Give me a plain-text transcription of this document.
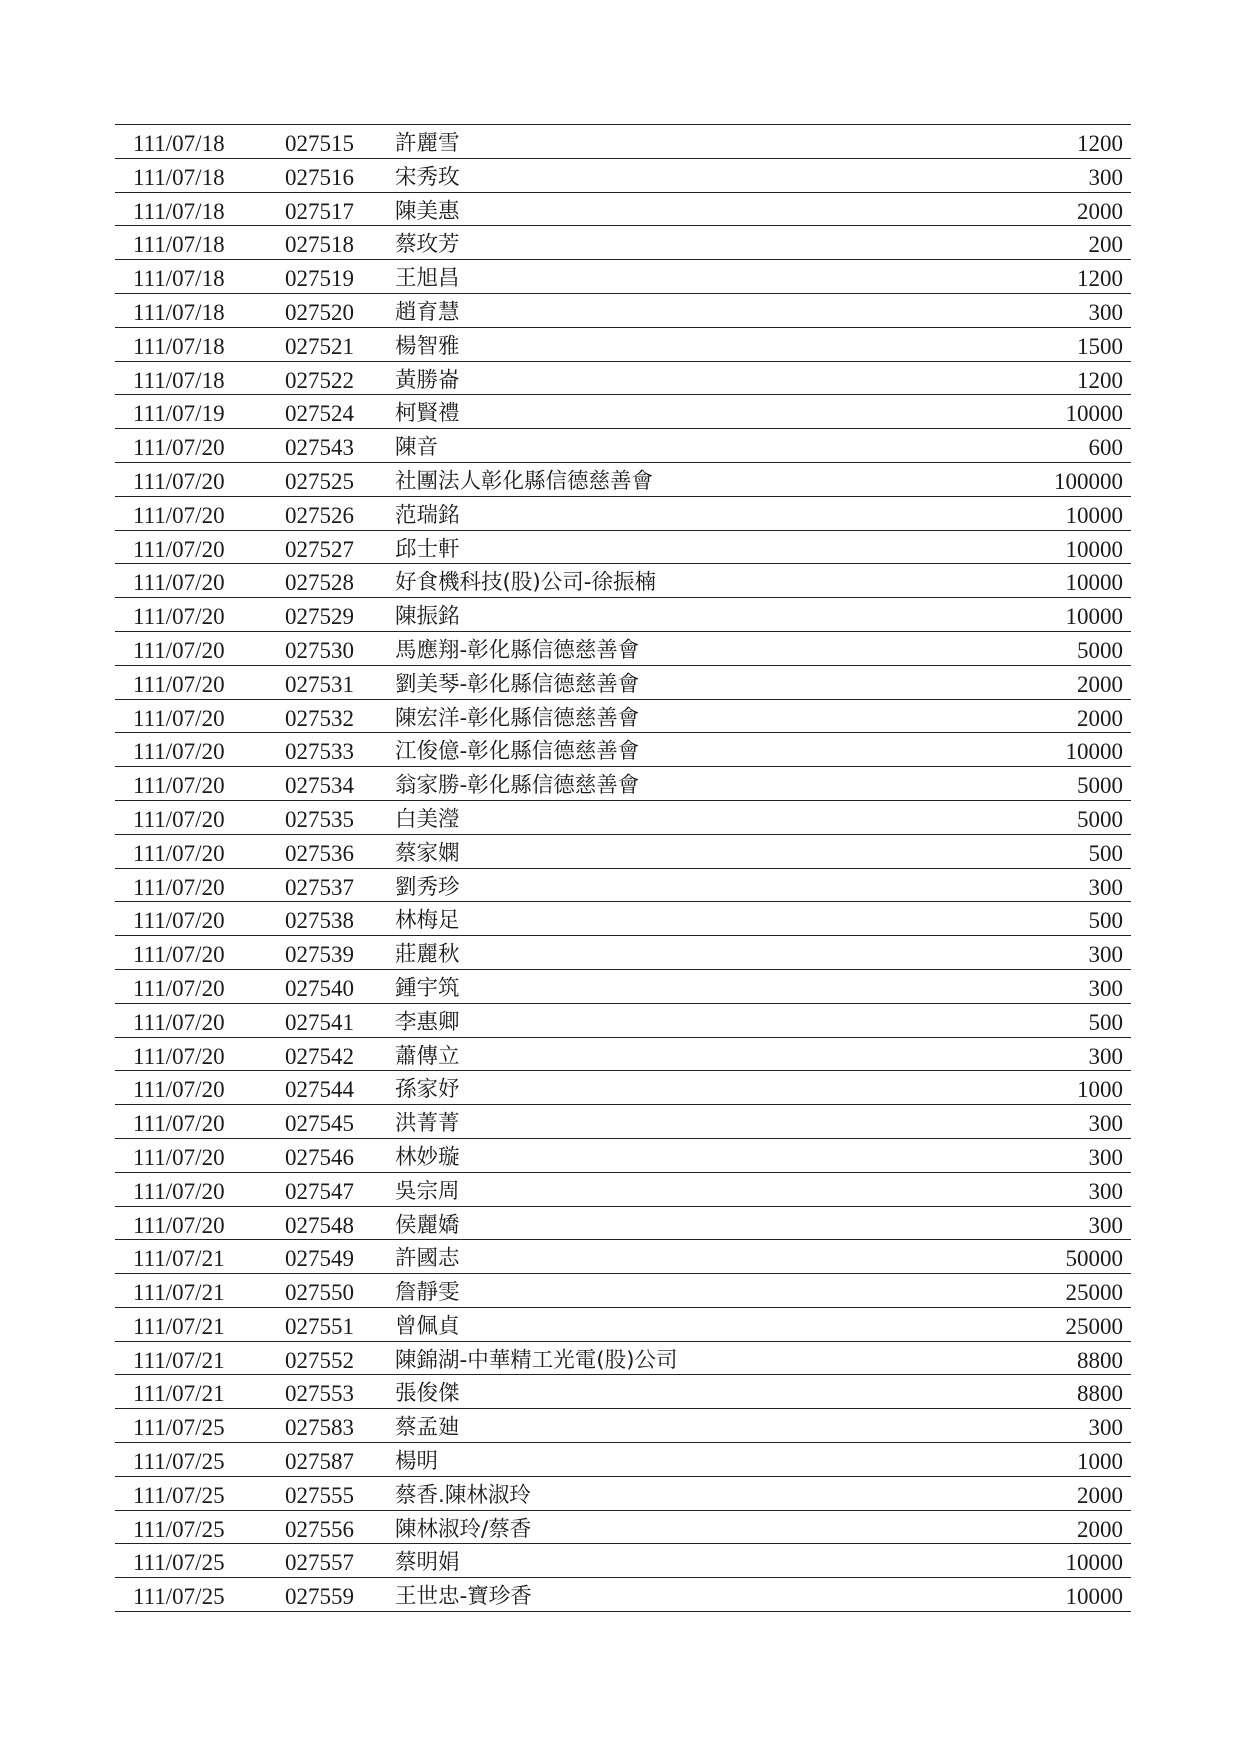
111/07/18	027515 許麗雪	1200
111/07/18	027516 宋秀玫	300
111/07/18	027517 陳美惠	2000
111/07/18	027518 蔡玫芳	200
111/07/18	027519 王旭昌	1200
111/07/18	027520 趙育慧	300
111/07/18	027521 楊智雅	1500
111/07/18	027522 黃勝崙	1200
111/07/19	027524 柯賢禮	10000
111/07/20	027543 陳音	600
111/07/20	027525 社團法人彰化縣信德慈善會	100000
111/07/20	027526 范瑞銘	10000
111/07/20	027527 邱士軒	10000
111/07/20	027528 好食機科技(股)公司-徐振楠	10000
111/07/20	027529 陳振銘	10000
111/07/20	027530 馬應翔-彰化縣信德慈善會	5000
111/07/20	027531 劉美琴-彰化縣信德慈善會	2000
111/07/20	027532 陳宏洋-彰化縣信德慈善會	2000
111/07/20	027533 江俊億-彰化縣信德慈善會	10000
111/07/20	027534 翁家勝-彰化縣信德慈善會	5000
111/07/20	027535 白美瀅	5000
111/07/20	027536 蔡家嫻	500
111/07/20	027537 劉秀珍	300
111/07/20	027538 林梅足	500
111/07/20	027539 莊麗秋	300
111/07/20	027540 鍾宇筑	300
111/07/20	027541 李惠卿	500
111/07/20	027542 蕭傳立	300
111/07/20	027544 孫家妤	1000
111/07/20	027545 洪菁菁	300
111/07/20	027546 林妙璇	300
111/07/20	027547 吳宗周	300
111/07/20	027548 侯麗嬌	300
111/07/21	027549 許國志	50000
111/07/21	027550 詹靜雯	25000
111/07/21	027551 曾佩貞	25000
111/07/21	027552 陳錦湖-中華精工光電(股)公司	8800
111/07/21	027553 張俊傑	8800
111/07/25	027583 蔡孟廸	300
111/07/25	027587 楊明	1000
111/07/25	027555 蔡香.陳林淑玲	2000
111/07/25	027556 陳林淑玲/蔡香	2000
111/07/25	027557 蔡明娟	10000
111/07/25	027559 王世忠-寶珍香	10000
